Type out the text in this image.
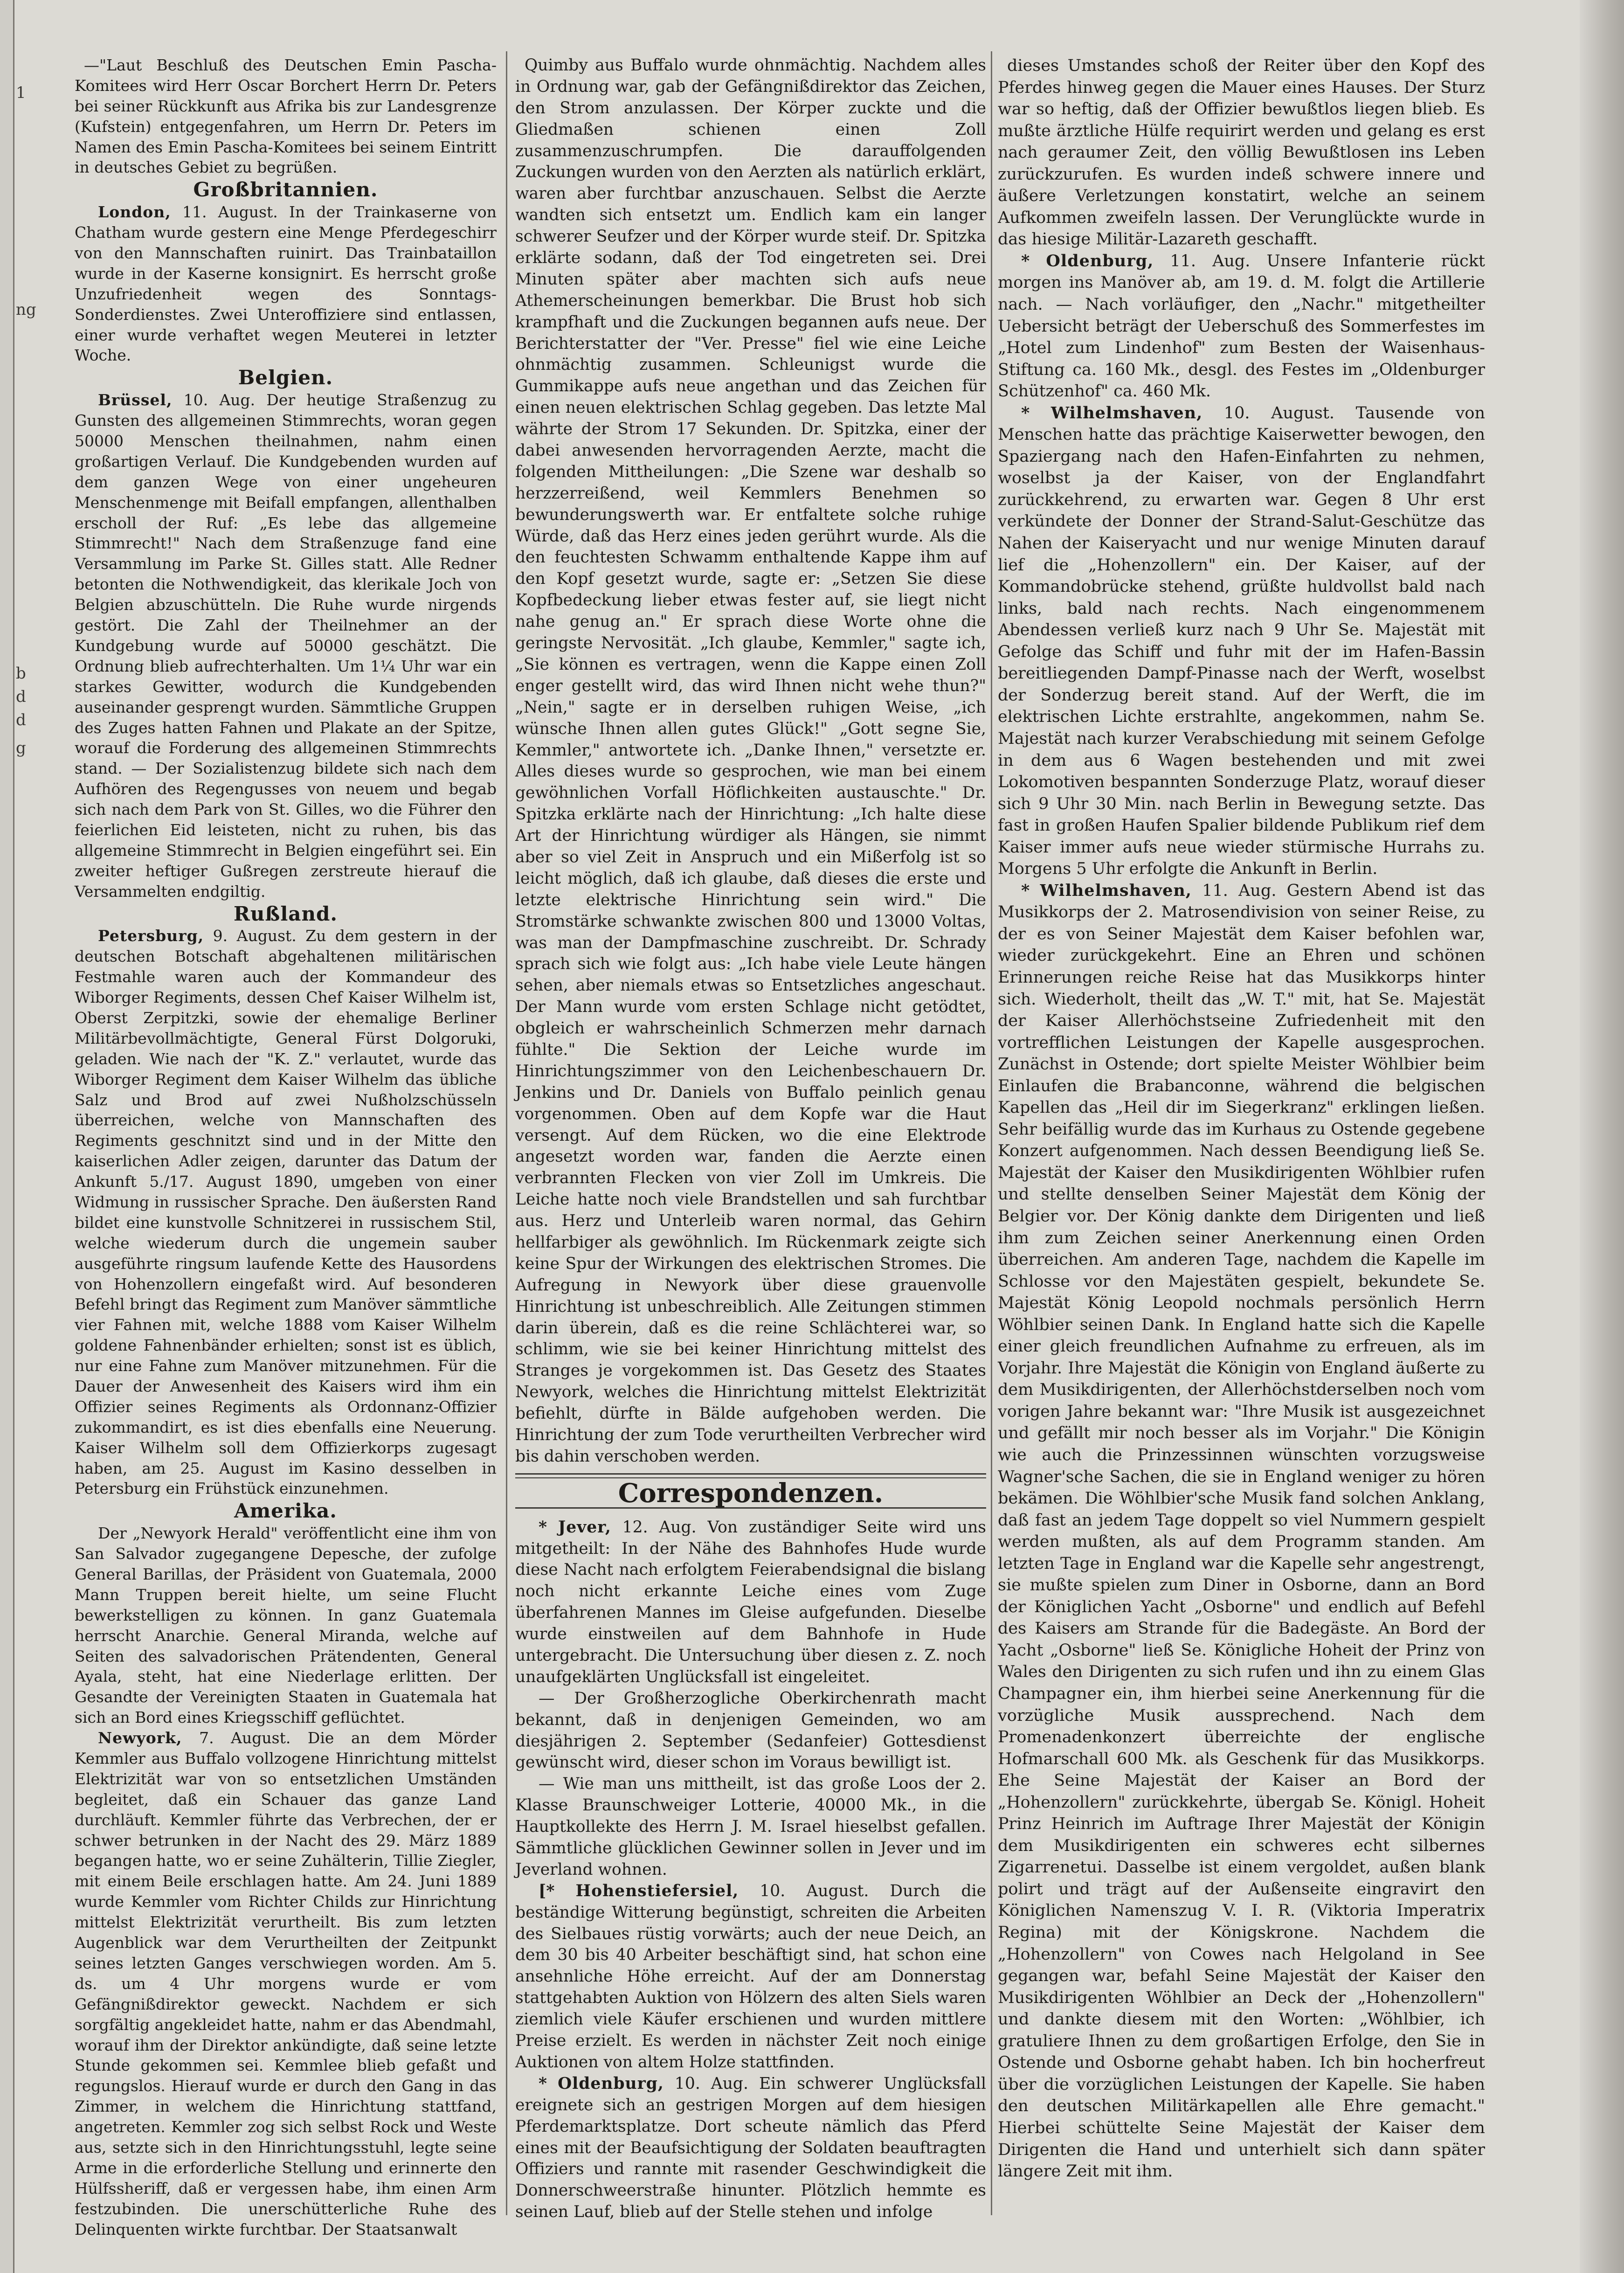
1
ng
b
d
d
g

—"Laut Beschluß des Deutschen Emin Pascha-Komitees wird Herr Oscar Borchert Herrn Dr. Peters bei seiner Rückkunft aus Afrika bis zur Landesgrenze (Kufstein) entgegenfahren, um Herrn Dr. Peters im Namen des Emin Pascha-Komitees bei seinem Eintritt in deutsches Gebiet zu begrüßen.

Großbritannien.

London, 11. August. In der Trainkaserne von Chatham wurde gestern eine Menge Pferdegeschirr von den Mannschaften ruinirt. Das Trainbataillon wurde in der Kaserne konsignirt. Es herrscht große Unzufriedenheit wegen des Sonntags-Sonderdienstes. Zwei Unteroffiziere sind entlassen, einer wurde verhaftet wegen Meuterei in letzter Woche.

Belgien.

Brüssel, 10. Aug. Der heutige Straßenzug zu Gunsten des allgemeinen Stimmrechts, woran gegen 50000 Menschen theilnahmen, nahm einen großartigen Verlauf. Die Kundgebenden wurden auf dem ganzen Wege von einer ungeheuren Menschenmenge mit Beifall empfangen, allenthalben erscholl der Ruf: „Es lebe das allgemeine Stimmrecht!" Nach dem Straßenzuge fand eine Versammlung im Parke St. Gilles statt. Alle Redner betonten die Nothwendigkeit, das klerikale Joch von Belgien abzuschütteln. Die Ruhe wurde nirgends gestört. Die Zahl der Theilnehmer an der Kundgebung wurde auf 50000 geschätzt. Die Ordnung blieb aufrechterhalten. Um 1¼ Uhr war ein starkes Gewitter, wodurch die Kundgebenden auseinander gesprengt wurden. Sämmtliche Gruppen des Zuges hatten Fahnen und Plakate an der Spitze, worauf die Forderung des allgemeinen Stimmrechts stand. — Der Sozialistenzug bildete sich nach dem Aufhören des Regengusses von neuem und begab sich nach dem Park von St. Gilles, wo die Führer den feierlichen Eid leisteten, nicht zu ruhen, bis das allgemeine Stimmrecht in Belgien eingeführt sei. Ein zweiter heftiger Gußregen zerstreute hierauf die Versammelten endgiltig.

Rußland.

Petersburg, 9. August. Zu dem gestern in der deutschen Botschaft abgehaltenen militärischen Festmahle waren auch der Kommandeur des Wiborger Regiments, dessen Chef Kaiser Wilhelm ist, Oberst Zerpitzki, sowie der ehemalige Berliner Militärbevollmächtigte, General Fürst Dolgoruki, geladen. Wie nach der "K. Z." verlautet, wurde das Wiborger Regiment dem Kaiser Wilhelm das übliche Salz und Brod auf zwei Nußholzschüsseln überreichen, welche von Mannschaften des Regiments geschnitzt sind und in der Mitte den kaiserlichen Adler zeigen, darunter das Datum der Ankunft 5./17. August 1890, umgeben von einer Widmung in russischer Sprache. Den äußersten Rand bildet eine kunstvolle Schnitzerei in russischem Stil, welche wiederum durch die ungemein sauber ausgeführte ringsum laufende Kette des Hausordens von Hohenzollern eingefaßt wird. Auf besonderen Befehl bringt das Regiment zum Manöver sämmtliche vier Fahnen mit, welche 1888 vom Kaiser Wilhelm goldene Fahnenbänder erhielten; sonst ist es üblich, nur eine Fahne zum Manöver mitzunehmen. Für die Dauer der Anwesenheit des Kaisers wird ihm ein Offizier seines Regiments als Ordonnanz-Offizier zukommandirt, es ist dies ebenfalls eine Neuerung. Kaiser Wilhelm soll dem Offizierkorps zugesagt haben, am 25. August im Kasino desselben in Petersburg ein Frühstück einzunehmen.

Amerika.

Der „Newyork Herald" veröffentlicht eine ihm von San Salvador zugegangene Depesche, der zufolge General Barillas, der Präsident von Guatemala, 2000 Mann Truppen bereit hielte, um seine Flucht bewerkstelligen zu können. In ganz Guatemala herrscht Anarchie. General Miranda, welche auf Seiten des salvadorischen Prätendenten, General Ayala, steht, hat eine Niederlage erlitten. Der Gesandte der Vereinigten Staaten in Guatemala hat sich an Bord eines Kriegsschiff geflüchtet.

Newyork, 7. August. Die an dem Mörder Kemmler aus Buffalo vollzogene Hinrichtung mittelst Elektrizität war von so entsetzlichen Umständen begleitet, daß ein Schauer das ganze Land durchläuft. Kemmler führte das Verbrechen, der er schwer betrunken in der Nacht des 29. März 1889 begangen hatte, wo er seine Zuhälterin, Tillie Ziegler, mit einem Beile erschlagen hatte. Am 24. Juni 1889 wurde Kemmler vom Richter Childs zur Hinrichtung mittelst Elektrizität verurtheilt. Bis zum letzten Augenblick war dem Verurtheilten der Zeitpunkt seines letzten Ganges verschwiegen worden. Am 5. ds. um 4 Uhr morgens wurde er vom Gefängnißdirektor geweckt. Nachdem er sich sorgfältig angekleidet hatte, nahm er das Abendmahl, worauf ihm der Direktor ankündigte, daß seine letzte Stunde gekommen sei. Kemmlee blieb gefaßt und regungslos. Hierauf wurde er durch den Gang in das Zimmer, in welchem die Hinrichtung stattfand, angetreten. Kemmler zog sich selbst Rock und Weste aus, setzte sich in den Hinrichtungsstuhl, legte seine Arme in die erforderliche Stellung und erinnerte den Hülfssheriff, daß er vergessen habe, ihm einen Arm festzubinden. Die unerschütterliche Ruhe des Delinquenten wirkte furchtbar. Der Staatsanwalt

Quimby aus Buffalo wurde ohnmächtig. Nachdem alles in Ordnung war, gab der Gefängnißdirektor das Zeichen, den Strom anzulassen. Der Körper zuckte und die Gliedmaßen schienen einen Zoll zusammenzuschrumpfen. Die darauffolgenden Zuckungen wurden von den Aerzten als natürlich erklärt, waren aber furchtbar anzuschauen. Selbst die Aerzte wandten sich entsetzt um. Endlich kam ein langer schwerer Seufzer und der Körper wurde steif. Dr. Spitzka erklärte sodann, daß der Tod eingetreten sei. Drei Minuten später aber machten sich aufs neue Athemerscheinungen bemerkbar. Die Brust hob sich krampfhaft und die Zuckungen begannen aufs neue. Der Berichterstatter der "Ver. Presse" fiel wie eine Leiche ohnmächtig zusammen. Schleunigst wurde die Gummikappe aufs neue angethan und das Zeichen für einen neuen elektrischen Schlag gegeben. Das letzte Mal währte der Strom 17 Sekunden. Dr. Spitzka, einer der dabei anwesenden hervorragenden Aerzte, macht die folgenden Mittheilungen: „Die Szene war deshalb so herzzerreißend, weil Kemmlers Benehmen so bewunderungswerth war. Er entfaltete solche ruhige Würde, daß das Herz eines jeden gerührt wurde. Als die den feuchtesten Schwamm enthaltende Kappe ihm auf den Kopf gesetzt wurde, sagte er: „Setzen Sie diese Kopfbedeckung lieber etwas fester auf, sie liegt nicht nahe genug an." Er sprach diese Worte ohne die geringste Nervosität. „Ich glaube, Kemmler," sagte ich, „Sie können es vertragen, wenn die Kappe einen Zoll enger gestellt wird, das wird Ihnen nicht wehe thun?" „Nein," sagte er in derselben ruhigen Weise, „ich wünsche Ihnen allen gutes Glück!" „Gott segne Sie, Kemmler," antwortete ich. „Danke Ihnen," versetzte er. Alles dieses wurde so gesprochen, wie man bei einem gewöhnlichen Vorfall Höflichkeiten austauschte." Dr. Spitzka erklärte nach der Hinrichtung: „Ich halte diese Art der Hinrichtung würdiger als Hängen, sie nimmt aber so viel Zeit in Anspruch und ein Mißerfolg ist so leicht möglich, daß ich glaube, daß dieses die erste und letzte elektrische Hinrichtung sein wird." Die Stromstärke schwankte zwischen 800 und 13000 Voltas, was man der Dampfmaschine zuschreibt. Dr. Schrady sprach sich wie folgt aus: „Ich habe viele Leute hängen sehen, aber niemals etwas so Entsetzliches angeschaut. Der Mann wurde vom ersten Schlage nicht getödtet, obgleich er wahrscheinlich Schmerzen mehr darnach fühlte." Die Sektion der Leiche wurde im Hinrichtungszimmer von den Leichenbeschauern Dr. Jenkins und Dr. Daniels von Buffalo peinlich genau vorgenommen. Oben auf dem Kopfe war die Haut versengt. Auf dem Rücken, wo die eine Elektrode angesetzt worden war, fanden die Aerzte einen verbrannten Flecken von vier Zoll im Umkreis. Die Leiche hatte noch viele Brandstellen und sah furchtbar aus. Herz und Unterleib waren normal, das Gehirn hellfarbiger als gewöhnlich. Im Rückenmark zeigte sich keine Spur der Wirkungen des elektrischen Stromes. Die Aufregung in Newyork über diese grauenvolle Hinrichtung ist unbeschreiblich. Alle Zeitungen stimmen darin überein, daß es die reine Schlächterei war, so schlimm, wie sie bei keiner Hinrichtung mittelst des Stranges je vorgekommen ist. Das Gesetz des Staates Newyork, welches die Hinrichtung mittelst Elektrizität befiehlt, dürfte in Bälde aufgehoben werden. Die Hinrichtung der zum Tode verurtheilten Verbrecher wird bis dahin verschoben werden.

Correspondenzen.

* Jever, 12. Aug. Von zuständiger Seite wird uns mitgetheilt: In der Nähe des Bahnhofes Hude wurde diese Nacht nach erfolgtem Feierabendsignal die bislang noch nicht erkannte Leiche eines vom Zuge überfahrenen Mannes im Gleise aufgefunden. Dieselbe wurde einstweilen auf dem Bahnhofe in Hude untergebracht. Die Untersuchung über diesen z. Z. noch unaufgeklärten Unglücksfall ist eingeleitet.

— Der Großherzogliche Oberkirchenrath macht bekannt, daß in denjenigen Gemeinden, wo am diesjährigen 2. September (Sedanfeier) Gottesdienst gewünscht wird, dieser schon im Voraus bewilligt ist.

— Wie man uns mittheilt, ist das große Loos der 2. Klasse Braunschweiger Lotterie, 40000 Mk., in die Hauptkollekte des Herrn J. M. Israel hieselbst gefallen. Sämmtliche glücklichen Gewinner sollen in Jever und im Jeverland wohnen.

[* Hohenstiefersiel, 10. August. Durch die beständige Witterung begünstigt, schreiten die Arbeiten des Sielbaues rüstig vorwärts; auch der neue Deich, an dem 30 bis 40 Arbeiter beschäftigt sind, hat schon eine ansehnliche Höhe erreicht. Auf der am Donnerstag stattgehabten Auktion von Hölzern des alten Siels waren ziemlich viele Käufer erschienen und wurden mittlere Preise erzielt. Es werden in nächster Zeit noch einige Auktionen von altem Holze stattfinden.

* Oldenburg, 10. Aug. Ein schwerer Unglücksfall ereignete sich an gestrigen Morgen auf dem hiesigen Pferdemarktsplatze. Dort scheute nämlich das Pferd eines mit der Beaufsichtigung der Soldaten beauftragten Offiziers und rannte mit rasender Geschwindigkeit die Donnerschweerstraße hinunter. Plötzlich hemmte es seinen Lauf, blieb auf der Stelle stehen und infolge

dieses Umstandes schoß der Reiter über den Kopf des Pferdes hinweg gegen die Mauer eines Hauses. Der Sturz war so heftig, daß der Offizier bewußtlos liegen blieb. Es mußte ärztliche Hülfe requirirt werden und gelang es erst nach geraumer Zeit, den völlig Bewußtlosen ins Leben zurückzurufen. Es wurden indeß schwere innere und äußere Verletzungen konstatirt, welche an seinem Aufkommen zweifeln lassen. Der Verunglückte wurde in das hiesige Militär-Lazareth geschafft.

* Oldenburg, 11. Aug. Unsere Infanterie rückt morgen ins Manöver ab, am 19. d. M. folgt die Artillerie nach. — Nach vorläufiger, den „Nachr." mitgetheilter Uebersicht beträgt der Ueberschuß des Sommerfestes im „Hotel zum Lindenhof" zum Besten der Waisenhaus-Stiftung ca. 160 Mk., desgl. des Festes im „Oldenburger Schützenhof" ca. 460 Mk.

* Wilhelmshaven, 10. August. Tausende von Menschen hatte das prächtige Kaiserwetter bewogen, den Spaziergang nach den Hafen-Einfahrten zu nehmen, woselbst ja der Kaiser, von der Englandfahrt zurückkehrend, zu erwarten war. Gegen 8 Uhr erst verkündete der Donner der Strand-Salut-Geschütze das Nahen der Kaiseryacht und nur wenige Minuten darauf lief die „Hohenzollern" ein. Der Kaiser, auf der Kommandobrücke stehend, grüßte huldvollst bald nach links, bald nach rechts. Nach eingenommenem Abendessen verließ kurz nach 9 Uhr Se. Majestät mit Gefolge das Schiff und fuhr mit der im Hafen-Bassin bereitliegenden Dampf-Pinasse nach der Werft, woselbst der Sonderzug bereit stand. Auf der Werft, die im elektrischen Lichte erstrahlte, angekommen, nahm Se. Majestät nach kurzer Verabschiedung mit seinem Gefolge in dem aus 6 Wagen bestehenden und mit zwei Lokomotiven bespannten Sonderzuge Platz, worauf dieser sich 9 Uhr 30 Min. nach Berlin in Bewegung setzte. Das fast in großen Haufen Spalier bildende Publikum rief dem Kaiser immer aufs neue wieder stürmische Hurrahs zu. Morgens 5 Uhr erfolgte die Ankunft in Berlin.

* Wilhelmshaven, 11. Aug. Gestern Abend ist das Musikkorps der 2. Matrosendivision von seiner Reise, zu der es von Seiner Majestät dem Kaiser befohlen war, wieder zurückgekehrt. Eine an Ehren und schönen Erinnerungen reiche Reise hat das Musikkorps hinter sich. Wiederholt, theilt das „W. T." mit, hat Se. Majestät der Kaiser Allerhöchstseine Zufriedenheit mit den vortrefflichen Leistungen der Kapelle ausgesprochen. Zunächst in Ostende; dort spielte Meister Wöhlbier beim Einlaufen die Brabanconne, während die belgischen Kapellen das „Heil dir im Siegerkranz" erklingen ließen. Sehr beifällig wurde das im Kurhaus zu Ostende gegebene Konzert aufgenommen. Nach dessen Beendigung ließ Se. Majestät der Kaiser den Musikdirigenten Wöhlbier rufen und stellte denselben Seiner Majestät dem König der Belgier vor. Der König dankte dem Dirigenten und ließ ihm zum Zeichen seiner Anerkennung einen Orden überreichen. Am anderen Tage, nachdem die Kapelle im Schlosse vor den Majestäten gespielt, bekundete Se. Majestät König Leopold nochmals persönlich Herrn Wöhlbier seinen Dank. In England hatte sich die Kapelle einer gleich freundlichen Aufnahme zu erfreuen, als im Vorjahr. Ihre Majestät die Königin von England äußerte zu dem Musikdirigenten, der Allerhöchstderselben noch vom vorigen Jahre bekannt war: "Ihre Musik ist ausgezeichnet und gefällt mir noch besser als im Vorjahr." Die Königin wie auch die Prinzessinnen wünschten vorzugsweise Wagner'sche Sachen, die sie in England weniger zu hören bekämen. Die Wöhlbier'sche Musik fand solchen Anklang, daß fast an jedem Tage doppelt so viel Nummern gespielt werden mußten, als auf dem Programm standen. Am letzten Tage in England war die Kapelle sehr angestrengt, sie mußte spielen zum Diner in Osborne, dann an Bord der Königlichen Yacht „Osborne" und endlich auf Befehl des Kaisers am Strande für die Badegäste. An Bord der Yacht „Osborne" ließ Se. Königliche Hoheit der Prinz von Wales den Dirigenten zu sich rufen und ihn zu einem Glas Champagner ein, ihm hierbei seine Anerkennung für die vorzügliche Musik aussprechend. Nach dem Promenadenkonzert überreichte der englische Hofmarschall 600 Mk. als Geschenk für das Musikkorps. Ehe Seine Majestät der Kaiser an Bord der „Hohenzollern" zurückkehrte, übergab Se. Königl. Hoheit Prinz Heinrich im Auftrage Ihrer Majestät der Königin dem Musikdirigenten ein schweres echt silbernes Zigarrenetui. Dasselbe ist einem vergoldet, außen blank polirt und trägt auf der Außenseite eingravirt den Königlichen Namenszug V. I. R. (Viktoria Imperatrix Regina) mit der Königskrone. Nachdem die „Hohenzollern" von Cowes nach Helgoland in See gegangen war, befahl Seine Majestät der Kaiser den Musikdirigenten Wöhlbier an Deck der „Hohenzollern" und dankte diesem mit den Worten: „Wöhlbier, ich gratuliere Ihnen zu dem großartigen Erfolge, den Sie in Ostende und Osborne gehabt haben. Ich bin hocherfreut über die vorzüglichen Leistungen der Kapelle. Sie haben den deutschen Militärkapellen alle Ehre gemacht." Hierbei schüttelte Seine Majestät der Kaiser dem Dirigenten die Hand und unterhielt sich dann später längere Zeit mit ihm.
